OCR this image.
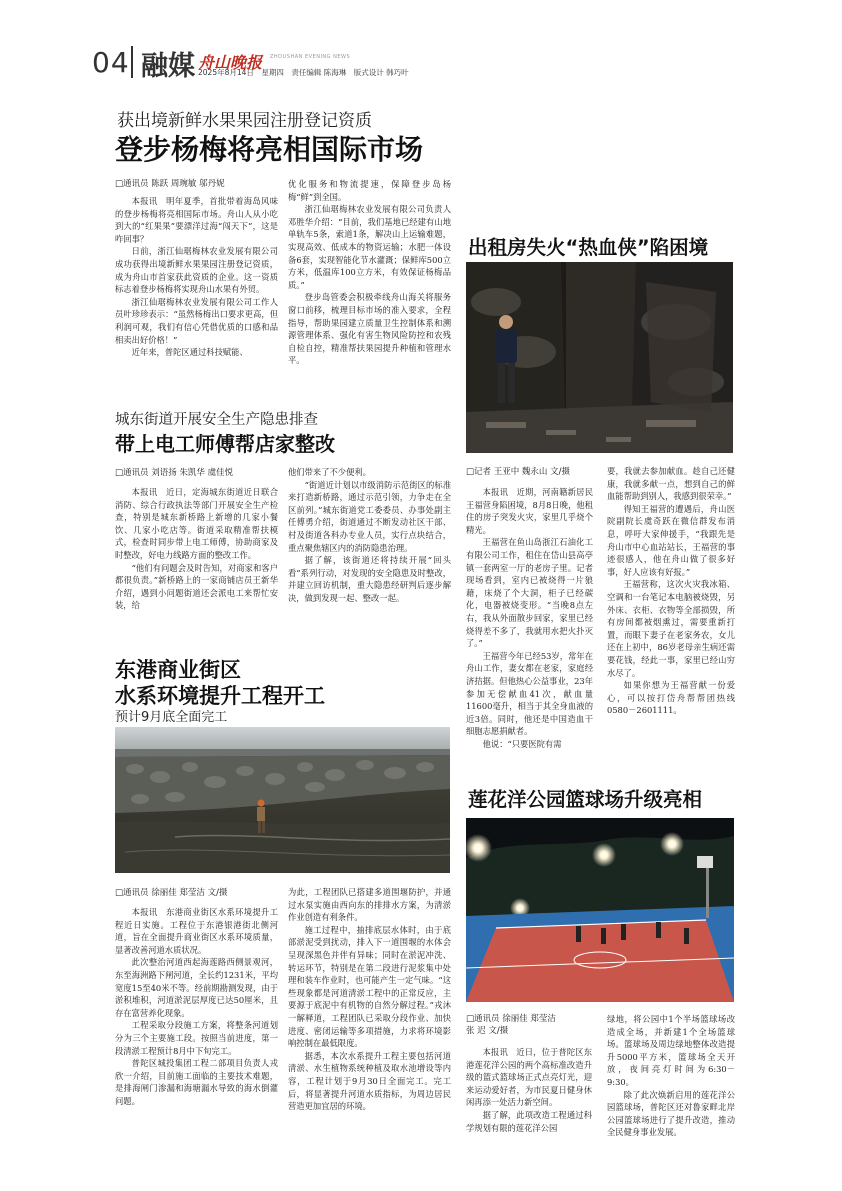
04 融媒 舟山晚报 ZHOUSHAN EVENING NEWS
2025年8月14日　星期四　责任编辑 陈海琳　版式设计 韩巧叶
获出境新鲜水果果园注册登记资质
登步杨梅将亮相国际市场
□通讯员 陈跃 周琬敏 邬丹妮

本报讯　明年夏季，首批带着海岛风味的登步杨梅将亮相国际市场。舟山人从小吃到大的“红果果”要漂洋过海“闯天下”，这是咋回事？

日前，浙江仙琚梅林农业发展有限公司成功获得出境新鲜水果果园注册登记资质，成为舟山市首家获此资质的企业。这一资质标志着登步杨梅将实现舟山水果有外贸。

浙江仙琚梅林农业发展有限公司工作人员叶珍珍表示：“虽然杨梅出口要求更高，但利润可观，我们有信心凭借优质的口感和品相卖出好价格！”

近年来，普陀区通过科技赋能、

优化服务和物流提速，保障登步岛杨梅“鲜”到全国。

浙江仙琚梅林农业发展有限公司负责人邓胜华介绍：“目前，我们基地已经建有山地单轨车5条，索道1条，解决山上运输难题，实现高效、低成本的物资运输；水肥一体设备6套，实现智能化节水灌溉；保鲜库500立方米，低温库100立方米，有效保证杨梅品质。”

登步岛管委会积极牵线舟山海关将服务窗口前移，梳理目标市场的准入要求，全程指导，帮助果园建立质量卫生控制体系和溯源管理体系、强化有害生物风险防控和农残自检自控，精准帮扶果园提升种植和管理水平。

城东街道开展安全生产隐患排查
带上电工师傅帮店家整改
□通讯员 刘语扬 朱凯华 虞佳悦

本报讯　近日，定海城东街道近日联合消防、综合行政执法等部门开展安全生产检查，特别是城东新桥路上新增的几家小餐饮、几家小吃店等。街道采取精准帮扶模式，检查时同步带上电工师傅，协助商家及时整改，好电力线路方面的整改工作。

“他们有问题会及时告知，对商家和客户都很负责。”新桥路上的一家商铺店员王新华介绍，遇到小问题街道还会派电工来帮忙安装，给

他们带来了不少便利。

“街道近计划以市级消防示范街区的标准来打造新桥路，通过示范引领，力争走在全区前列。”城东街道党工委委员、办事处副主任傅勇介绍，街道通过不断发动社区干部、村及街道各科办专业人员，实行点块结合，重点聚焦辖区内的消防隐患治理。

据了解，该街道还将持续开展“回头看”系列行动，对发现的安全隐患及时整改，并建立回访机制，重大隐患经研判后逐步解决，做到发现一起、整改一起。

东港商业街区
水系环境提升工程开工
预计9月底全面完工
□通讯员 徐丽佳 郑莹洁 文/摄

本报讯　东港商业街区水系环境提升工程近日实施。工程位于东港银港街北侧河道，旨在全面提升商业街区水系环境质量，显著改善河道水质状况。

此次整治河道西起海莲路西侧景观河，东至海洲路下闸河道，全长约1231米，平均宽度15至40米不等。经前期勘测发现，由于淤积堆积，河道淤泥层厚度已达50厘米，且存在富营养化现象。

工程采取分段施工方案，将整条河道划分为三个主要施工段。按照当前进度，第一段清淤工程预计8月中下旬完工。

普陀区城投集团工程二部项目负责人戎欣一介绍，目前施工面临的主要技术难题，是排海闸门渗漏和海塘漏水导致的海水倒灌问题。

为此，工程团队已搭建多道围堰防护，并通过水泵实施由西向东的排排水方案，为清淤作业创造有利条件。

施工过程中，抽排底层水体时，由于底部淤泥受到扰动，排入下一道围堰的水体会呈现深黑色并伴有异味；同时在淤泥冲洗、转运环节，特别是在第二段进行泥浆集中处理和装车作业时，也可能产生一定气味。“这些现象都是河道清淤工程中的正常反应，主要源于底泥中有机物的自然分解过程。”戎沐一解释道，工程团队已采取分段作业、加快进度、密闭运输等多项措施，力求将环境影响控制在最低限度。

据悉，本次水系提升工程主要包括河道清淤、水生植物系统种植及取水池增设等内容，工程计划于9月30日全面完工。完工后，将显著提升河道水质指标，为周边居民营造更加宜居的环境。

出租房失火“热血侠”陷困境
□记者 王亚中 魏永山 文/摄

本报讯　近期，河南籍新居民王福营身陷困境，8月8日晚，他租住的房子突发火灾，家里几乎烧个精光。

王福营在鱼山岛浙江石油化工有限公司工作，租住在岱山县高亭镇一套两室一厅的老房子里。记者现场看到，室内已被烧得一片狼藉，床烧了个大洞，柜子已经碳化，电器被烧变形。“当晚8点左右，我从外面散步回家，家里已经烧得差不多了，我就用水把火扑灭了。”

王福营今年已经53岁，常年在舟山工作，妻女都在老家，家庭经济拮据。但他热心公益事业，23年参加无偿献血41次，献血量11600毫升，相当于其全身血液的近3倍。同时，他还是中国造血干细胞志愿捐献者。

他说：“只要医院有需

要，我就去参加献血。趁自己还健康，我就多献一点，想到自己的鲜血能帮助到别人，我感到很荣幸。”

得知王福营的遭遇后，舟山医院副院长虞奇跃在微信群发布消息，呼吁大家伸援手，“我跟先是舟山市中心血站站长，王福营的事迹很感人，他在舟山做了很多好事，好人应该有好报。”

王福营称，这次火灾我冰箱、空调和一台笔记本电脑被烧毁，另外床、衣柜、衣物等全部损毁，所有房间都被烟熏过，需要重新打置，而眼下妻子在老家务农，女儿还在上初中，86岁老母亲生病还需要花钱，经此一事，家里已经山穷水尽了。

如果你想为王福营献一份爱心，可以按打岱舟帮帮团热线0580－2601111。

莲花洋公园篮球场升级亮相
□通讯员 徐丽佳 郑莹洁　　　　张 迟 文/摄

本报讯　近日，位于普陀区东港莲花洋公园的两个高标准改造升级的篮式篮球场正式点亮灯光，迎来运动爱好者，为市民夏日健身休闲再添一处活力新空间。

据了解，此项改造工程通过科学规划有限的莲花洋公园

绿地，将公园中1个半场篮球场改造成全场，并新建1个全场篮球场。篮球场及周边绿地整体改造提升5000平方米，篮球场全天开放，夜间亮灯时间为6:30－9:30。

除了此次焕新启用的莲花洋公园篮球场，普陀区还对鲁家畔北岸公园篮球场进行了提升改造，推动全民健身事业发展。
